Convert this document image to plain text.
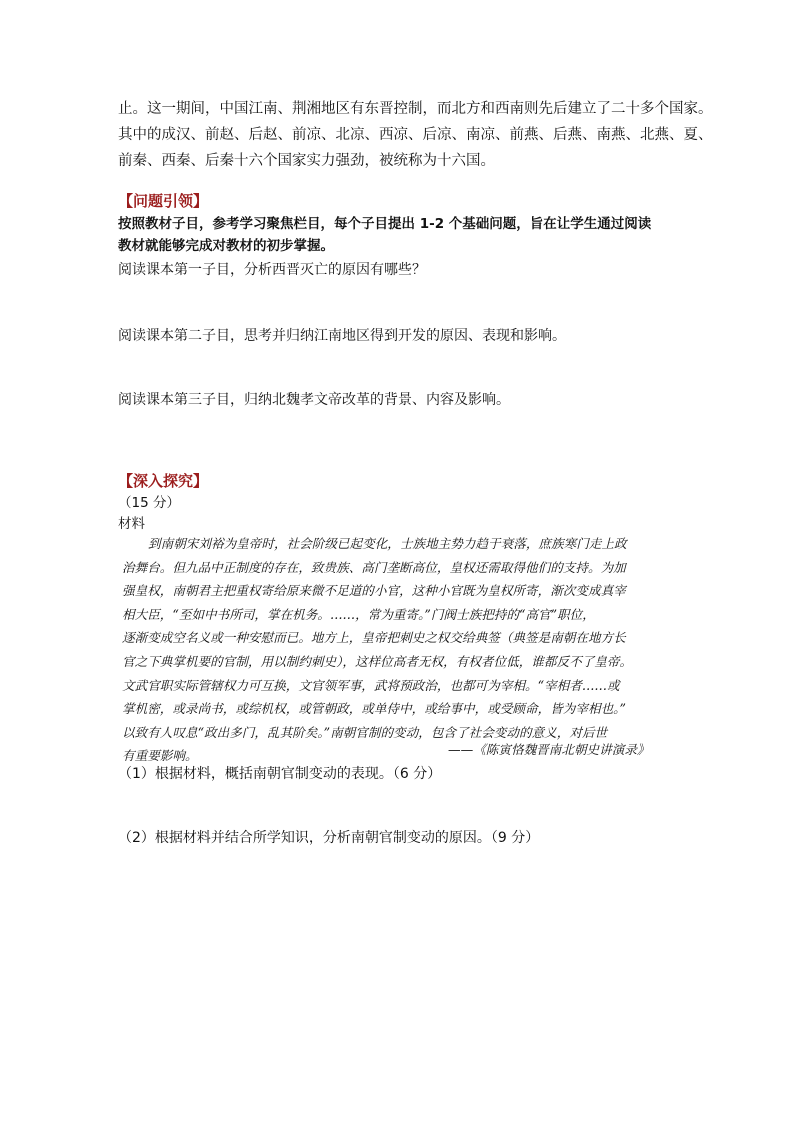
止。这一期间，中国江南、荆湘地区有东晋控制，而北方和西南则先后建立了二十多个国家。

其中的成汉、前赵、后赵、前凉、北凉、西凉、后凉、南凉、前燕、后燕、南燕、北燕、夏、

前秦、西秦、后秦十六个国家实力强劲，被统称为十六国。

【问题引领】

按照教材子目，参考学习聚焦栏目，每个子目提出 1-2 个基础问题，旨在让学生通过阅读

教材就能够完成对教材的初步掌握。

阅读课本第一子目，分析西晋灭亡的原因有哪些？
阅读课本第二子目，思考并归纳江南地区得到开发的原因、表现和影响。
阅读课本第三子目，归纳北魏孝文帝改革的背景、内容及影响。
【深入探究】
（15 分）
材料

到南朝宋刘裕为皇帝时，社会阶级已起变化，士族地主势力趋于衰落，庶族寒门走上政

治舞台。但九品中正制度的存在，致贵族、高门垄断高位，皇权还需取得他们的支持。为加

强皇权，南朝君主把重权寄给原来微不足道的小官，这种小官既为皇权所寄，渐次变成真宰

相大臣，“至如中书所司，掌在机务。……，常为重寄。”门阀士族把持的“高官”职位，

逐渐变成空名义或一种安慰而已。地方上，皇帝把刺史之权交给典签（典签是南朝在地方长

官之下典掌机要的官制，用以制约刺史），这样位高者无权，有权者位低，谁都反不了皇帝。

文武官职实际管辖权力可互换，文官领军事，武将预政治，也都可为宰相。“宰相者……或

掌机密，或录尚书，或综机权，或管朝政，或单侍中，或给事中，或受顾命，皆为宰相也。”

以致有人叹息“政出多门，乱其阶矣。”南朝官制的变动，包含了社会变动的意义，对后世

有重要影响。	——《陈寅恪魏晋南北朝史讲演录》
（1）根据材料，概括南朝官制变动的表现。（6 分）
（2）根据材料并结合所学知识，分析南朝官制变动的原因。（9 分）
